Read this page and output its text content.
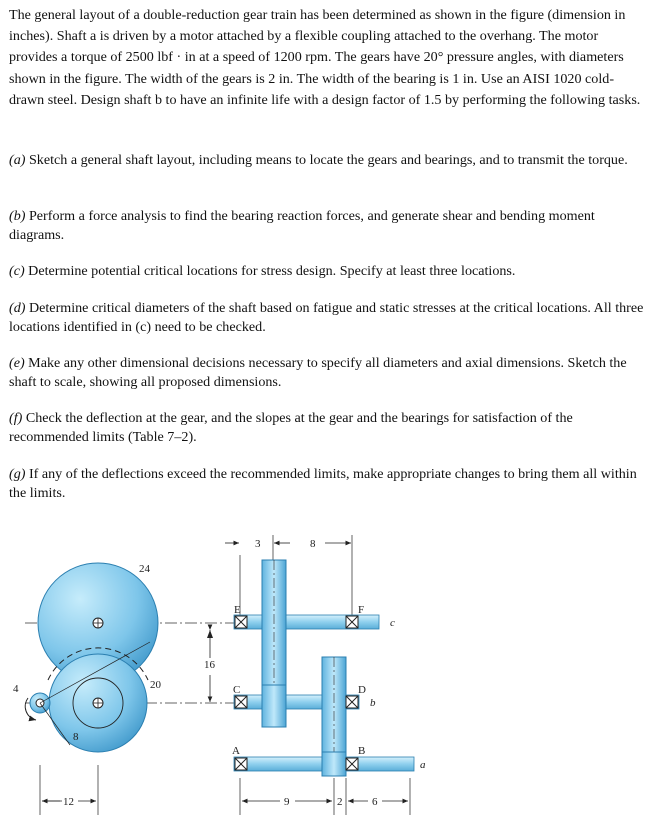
The general layout of a double-reduction gear train has been determined as shown in the figure (dimension in inches). Shaft a is driven by a motor attached by a flexible coupling attached to the overhang. The motor provides a torque of 2500 lbf · in at a speed of 1200 rpm. The gears have 20° pressure angles, with diameters shown in the figure. The width of the gears is 2 in. The width of the bearing is 1 in. Use an AISI 1020 cold-drawn steel. Design shaft b to have an infinite life with a design factor of 1.5 by performing the following tasks.
(a) Sketch a general shaft layout, including means to locate the gears and bearings, and to transmit the torque.
(b) Perform a force analysis to find the bearing reaction forces, and generate shear and bending moment diagrams.
(c) Determine potential critical locations for stress design. Specify at least three locations.
(d) Determine critical diameters of the shaft based on fatigue and static stresses at the critical locations. All three locations identified in (c) need to be checked.
(e) Make any other dimensional decisions necessary to specify all diameters and axial dimensions. Sketch the shaft to scale, showing all proposed dimensions.
(f) Check the deflection at the gear, and the slopes at the gear and the bearings for satisfaction of the recommended limits (Table 7–2).
(g) If any of the deflections exceed the recommended limits, make appropriate changes to bring them all within the limits.
12
24
20
4
8
16
3	8
E	F
C	D
A	B
c
b
a
9	2	6
